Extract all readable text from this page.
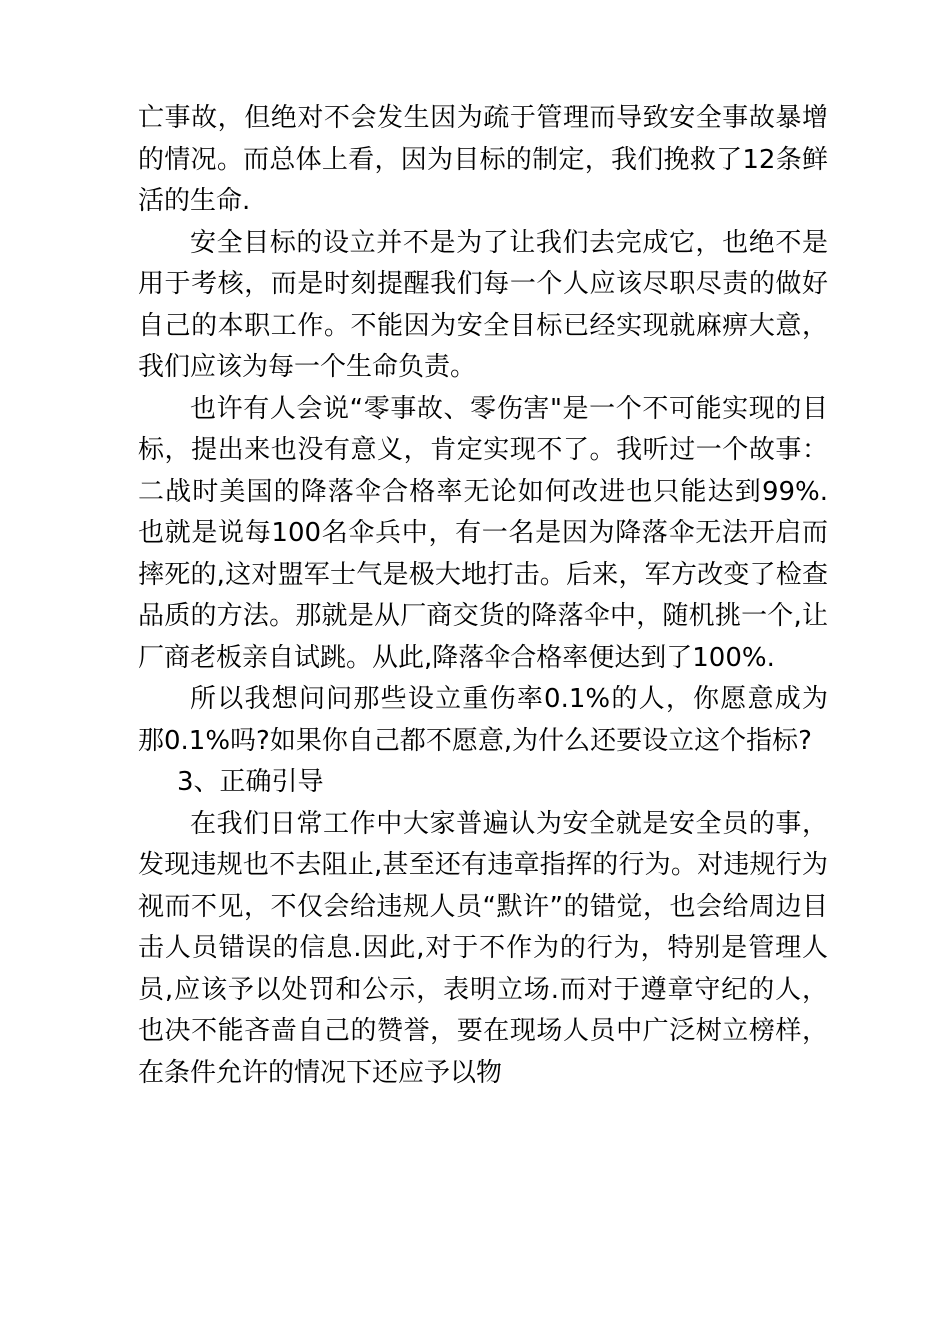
亡事故，但绝对不会发生因为疏于管理而导致安全事故暴增的情况。而总体上看，因为目标的制定，我们挽救了12条鲜活的生命.

安全目标的设立并不是为了让我们去完成它，也绝不是用于考核，而是时刻提醒我们每一个人应该尽职尽责的做好自己的本职工作。不能因为安全目标已经实现就麻痹大意，我们应该为每一个生命负责。

也许有人会说“零事故、零伤害"是一个不可能实现的目标，提出来也没有意义，肯定实现不了。我听过一个故事：二战时美国的降落伞合格率无论如何改进也只能达到99%.也就是说每100名伞兵中，有一名是因为降落伞无法开启而摔死的,这对盟军士气是极大地打击。后来，军方改变了检查品质的方法。那就是从厂商交货的降落伞中，随机挑一个,让厂商老板亲自试跳。从此,降落伞合格率便达到了100%.

所以我想问问那些设立重伤率0.1%的人，你愿意成为那0.1%吗?如果你自己都不愿意,为什么还要设立这个指标?

3、正确引导

在我们日常工作中大家普遍认为安全就是安全员的事，发现违规也不去阻止,甚至还有违章指挥的行为。对违规行为视而不见，不仅会给违规人员“默许”的错觉，也会给周边目击人员错误的信息.因此,对于不作为的行为，特别是管理人员,应该予以处罚和公示，表明立场.而对于遵章守纪的人，也决不能吝啬自己的赞誉，要在现场人员中广泛树立榜样，在条件允许的情况下还应予以物
